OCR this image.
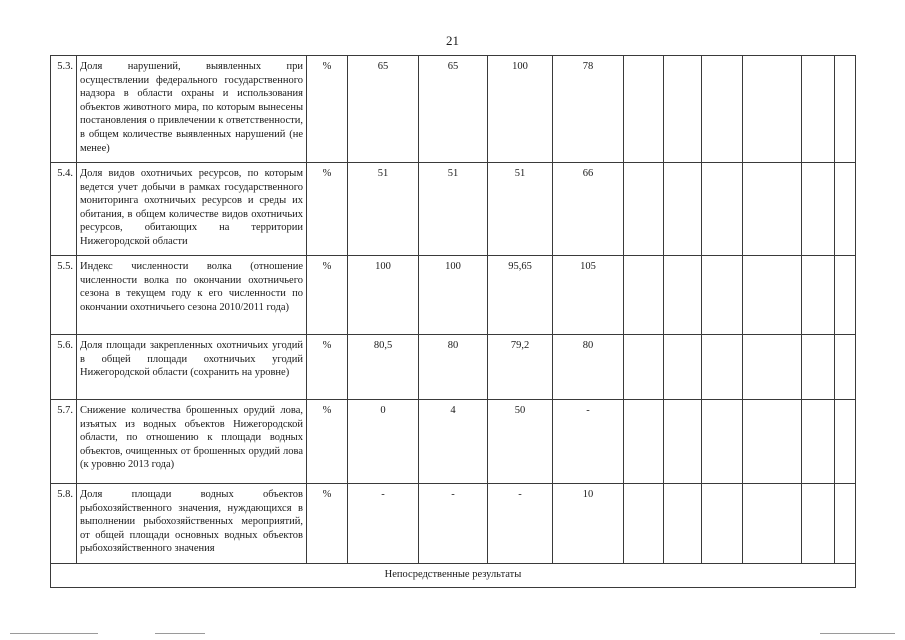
21
5.3.	Доля нарушений, выявленных при осуществлении федерального государственного надзора в области охраны и использования объектов животного мира, по которым вынесены постановления о привлечении к ответственности, в общем количестве выявленных нарушений (не менее)	%	65	65	100	78						
5.4.	Доля видов охотничьих ресурсов, по которым ведется учет добычи в рамках государственного мониторинга охотничьих ресурсов и среды их обитания, в общем количестве видов охотничьих ресурсов, обитающих на территории Нижегородской области	%	51	51	51	66						
5.5.	Индекс численности волка (отношение численности волка по окончании охотничьего сезона в текущем году к его численности по окончании охотничьего сезона 2010/2011 года)	%	100	100	95,65	105						
5.6.	Доля площади закрепленных охотничьих угодий в общей площади охотничьих угодий Нижегородской области (сохранить на уровне)	%	80,5	80	79,2	80						
5.7.	Снижение количества брошенных орудий лова, изъятых из водных объектов Нижегородской области, по отношению к площади водных объектов, очищенных от брошенных орудий лова (к уровню 2013 года)	%	0	4	50	-						
5.8.	Доля площади водных объектов рыбохозяйственного значения, нуждающихся в выполнении рыбохозяйственных мероприятий, от общей площади основных водных объектов рыбохозяйственного значения	%	-	-	-	10						
Непосредственные результаты												
